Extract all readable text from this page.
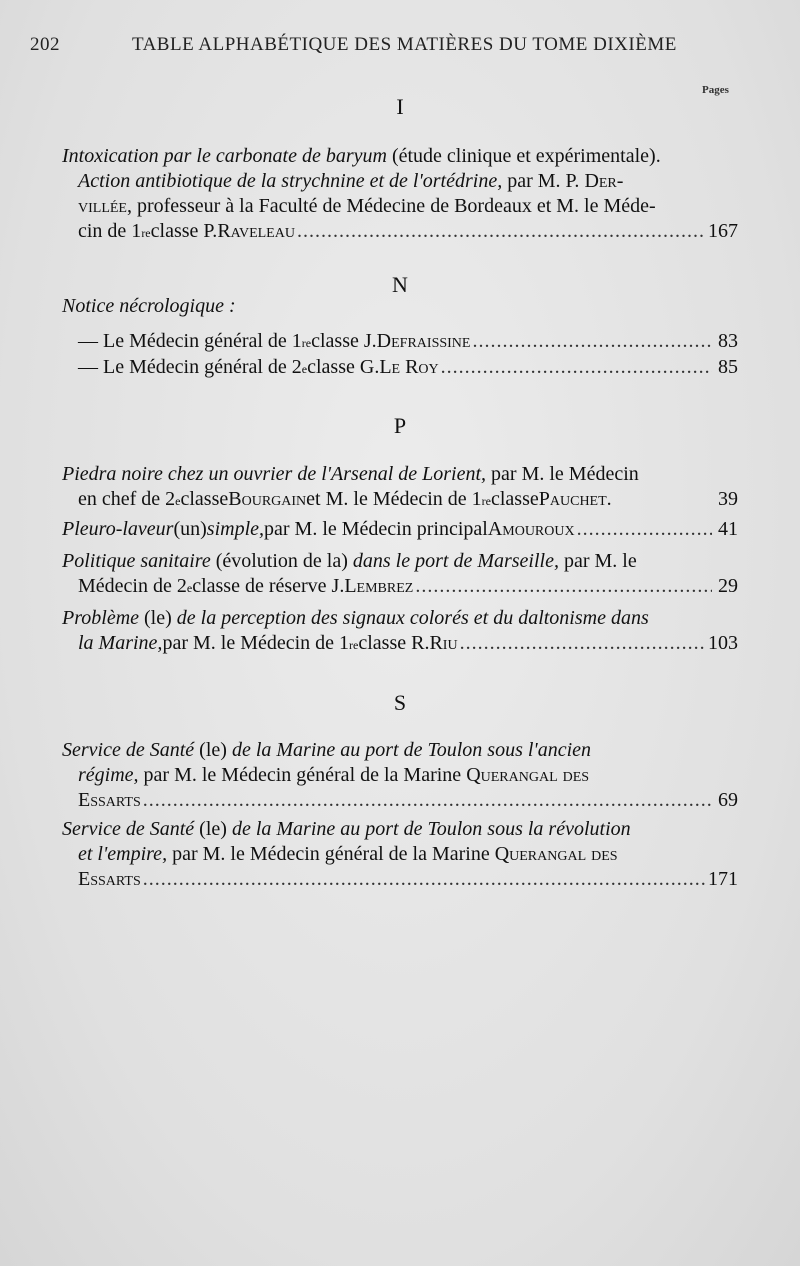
202	TABLE ALPHABÉTIQUE DES MATIÈRES DU TOME DIXIÈME
Pages
I
Intoxication par le carbonate de baryum (étude clinique et expérimentale).
Action antibiotique de la strychnine et de l'ortédrine, par M. P. Der-
villée, professeur à la Faculté de Médecine de Bordeaux et M. le Méde-
cin de 1 re classe P. Raveleau . . .	167
N
Notice nécrologique :
— Le Médecin général de 1 re classe J. Defraissine . . .	83
— Le Médecin général de 2 e classe G. Le Roy . . .	85
P
Piedra noire chez un ouvrier de l'Arsenal de Lorient, par M. le Médecin
en chef de 2 e classe Bourgain et M. le Médecin de 1 re classe Pauchet.	39
Pleuro-laveur (un) simple, par M. le Médecin principal Amouroux . . .	41
Politique sanitaire (évolution de la) dans le port de Marseille, par M. le
Médecin de 2 e classe de réserve J. Lembrez . . .	29
Problème (le) de la perception des signaux colorés et du daltonisme dans
la Marine, par M. le Médecin de 1 re classe R. Riu . . .	103
S
Service de Santé (le) de la Marine au port de Toulon sous l'ancien
régime, par M. le Médecin général de la Marine Querangal des
Essarts . . .	69
Service de Santé (le) de la Marine au port de Toulon sous la révolution
et l'empire, par M. le Médecin général de la Marine Querangal des
Essarts . . .	171
